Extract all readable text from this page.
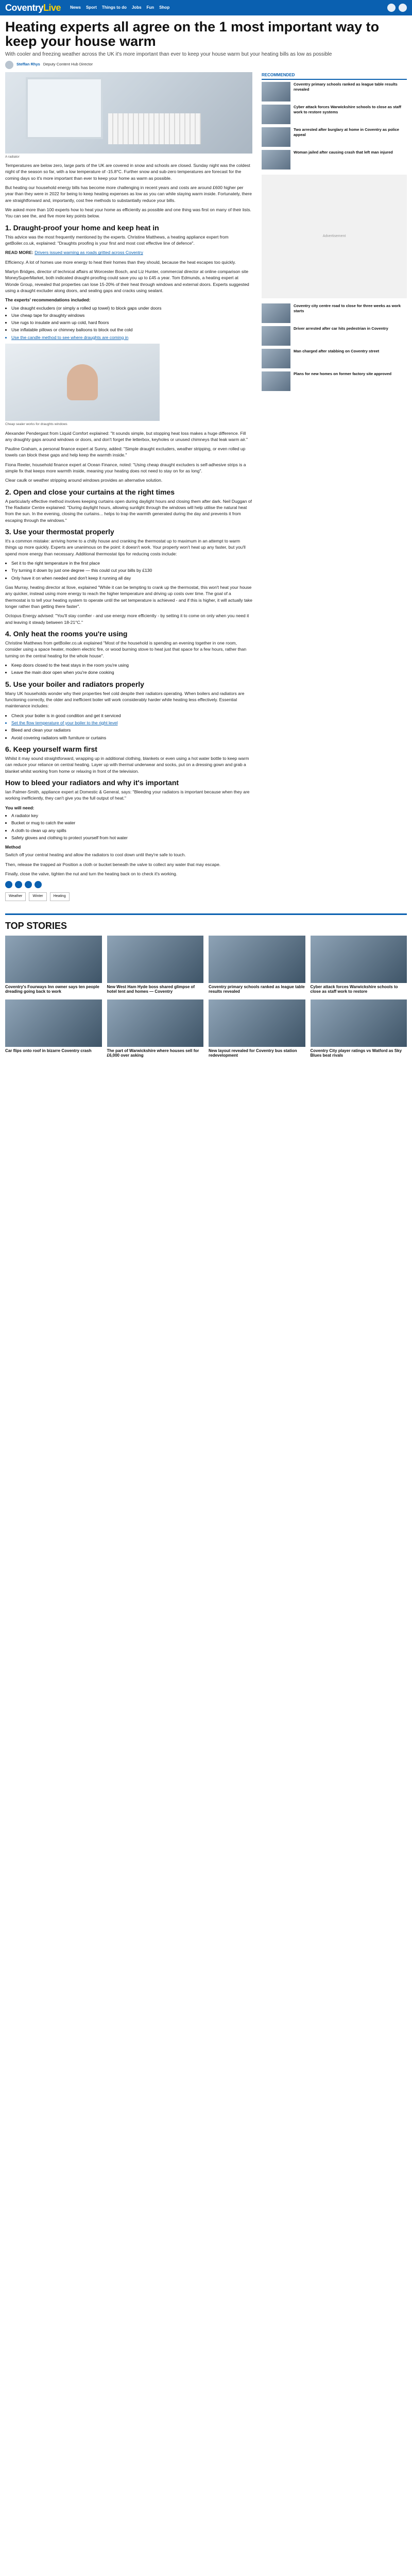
CoventryLive News Sport Things to do Jobs Fun Shop
Heating experts all agree on the 1 most important way to keep your house warm
With cooler and freezing weather across the UK it's more important than ever to keep your house warm but your heating bills as low as possible
Steffan Rhys Deputy Content Hub Director
A radiator

Temperatures are below zero, large parts of the UK are covered in snow and schools are closed. Sunday night was the coldest night of the season so far, with a low temperature of -15.8°C. Further snow and sub-zero temperatures are forecast for the coming days so it's more important than ever to keep your home as warm as possible.

But heating our household energy bills has become more challenging in recent years and costs are around £600 higher per year than they were in 2022 for being to keep heating expenses as low as you can while staying warm inside. Fortunately, there are straightforward and, importantly, cost free methods to substantially reduce your bills.

We asked more than 100 experts how to heat your home as efficiently as possible and one thing was first on many of their lists. You can see the, and five more key points below.

1. Draught-proof your home and keep heat in

This advice was the most frequently mentioned by the experts. Christine Matthews, a heating appliance expert from getBoiler.co.uk, explained: "Draughts proofing is your first and most cost effective line of defence".

READ MORE: Drivers issued warning as roads gritted across Coventry

Efficiency. A lot of homes use more energy to heat their homes than they should, because the heat escapes too quickly.

Martyn Bridges, director of technical affairs at Worcester Bosch, and Liz Hunter, commercial director at online comparison site MoneySuperMarket, both indicated draught-proofing could save you up to £45 a year. Tom Edmunds, a heating expert at Wonde Group, revealed that properties can lose 15-20% of their heat through windows and external doors. Experts suggested using a draught excluder along doors, and sealing gaps and cracks using sealant.

The experts' recommendations included:
• Use draught excluders (or simply a rolled up towel) to block gaps under doors
• Use cheap tape for draughty windows
• Use rugs to insulate and warm up cold, hard floors
• Use inflatable pillows or chimney balloons to block out the cold
• Use the candle method to see where draughts are coming in
Cheap sealer works for draughts windows

Alexander Pendergast from Liquid Comfort explained: "It sounds simple, but stopping heat loss makes a huge difference. Fill any draughty gaps around windows or doors, and don't forget the letterbox, keyholes or unused chimneys that leak warm air."

Pauline Graham, a personal finance expert at Sunny, added: "Simple draught excluders, weather stripping, or even rolled up towels can block these gaps and help keep the warmth inside."

Fiona Reeler, household finance expert at Ocean Finance, noted: "Using cheap draught excluders is self-adhesive strips is a simple fix that keeps more warmth inside, meaning your heating does not need to stay on for as long".

Clear caulk or weather stripping around windows provides an alternative solution.

2. Open and close your curtains at the right times

A particularly effective method involves keeping curtains open during daylight hours and closing them after dark. Neil Duggan of The Radiator Centre explained: "During daylight hours, allowing sunlight through the windows will help utilise the natural heat from the sun. In the evening, closing the curtains... helps to trap the warmth generated during the day and prevents it from escaping through the windows."

3. Use your thermostat properly

It's a common mistake: arriving home to a chilly house and cranking the thermostat up to maximum in an attempt to warm things up more quickly. Experts are unanimous on the point: it doesn't work. Your property won't heat up any faster, but you'll spend more energy than necessary. Additional thermostat tips for reducing costs include:

• Set it to the right temperature in the first place
• Try turning it down by just one degree — this could cut your bills by £130
• Only have it on when needed and don't keep it running all day

Gas Murray, heating director at Ilove, explained "While it can be tempting to crank up the thermostat, this won't heat your house any quicker, instead using more energy to reach the higher temperature and driving up costs over time. The goal of a thermostat is to tell your heating system to operate until the set temperature is achieved - and if this is higher, it will actually take longer rather than getting there faster".

Octopus Energy advised: "You'll stay comfier - and use energy more efficiently - by setting it to come on only when you need it and leaving it steady between 18-21°C."

4. Only heat the rooms you're using

Christine Matthews from getBoiler.co.uk explained "Most of the household is spending an evening together in one room, consider using a space heater, modern electric fire, or wood burning stove to heat just that space for a few hours, rather than turning on the central heating for the whole house".

• Keep doors closed to the heat stays in the room you're using
• Leave the main door open when you're done cooking
5. Use your boiler and radiators properly

Many UK households wonder why their properties feel cold despite their radiators operating. When boilers and radiators are functioning correctly, the older and inefficient boiler will work considerably harder while heating less effectively. Essential maintenance includes:

• Check your boiler is in good condition and get it serviced
• Set the flow temperature of your boiler to the right level
• Bleed and clean your radiators
• Avoid covering radiators with furniture or curtains
6. Keep yourself warm first

Whilst it may sound straightforward, wrapping up in additional clothing, blankets or even using a hot water bottle to keep warm can reduce your reliance on central heating. Layer up with thermal underwear and socks, put on a dressing gown and grab a blanket whilst working from home or relaxing in front of the television.

How to bleed your radiators and why it's important

Ian Palmer-Smith, appliance expert at Domestic & General, says: "Bleeding your radiators is important because when they are working inefficiently, they can't give you the full output of heat."

You will need:
• A radiator key
• Bucket or mug to catch the water
• A cloth to clean up any spills
• Safety gloves and clothing to protect yourself from hot water
Method

Switch off your central heating and allow the radiators to cool down until they're safe to touch.

Then, release the trapped air Position a cloth or bucket beneath the valve to collect any water that may escape.

Finally, close the valve, tighten the nut and turn the heating back on to check it's working.

Weather	Winter	Heating
RECOMMENDED
Coventry primary schools ranked as league table results revealed
Cyber attack forces Warwickshire schools to close as staff work to restore systems
Two arrested after burglary at home in Coventry as police appeal
Woman jailed after causing crash that left man injured
Advertisement
Coventry city centre road to close for three weeks as work starts
Driver arrested after car hits pedestrian in Coventry
Man charged after stabbing on Coventry street
Plans for new homes on former factory site approved
TOP STORIES
Coventry's Fourways Inn owner says ten people dreading going back to work
New West Ham Hyde boss shared glimpse of hotel tent and homes — Coventry
Coventry primary schools ranked as league table results revealed
Cyber attack forces Warwickshire schools to close as staff work to restore
Car flips onto roof in bizarre Coventry crash	The part of Warwickshire where houses sell for £6,000 over asking
New layout revealed for Coventry bus station redevelopment
Coventry City player ratings vs Watford as Sky Blues beat rivals
